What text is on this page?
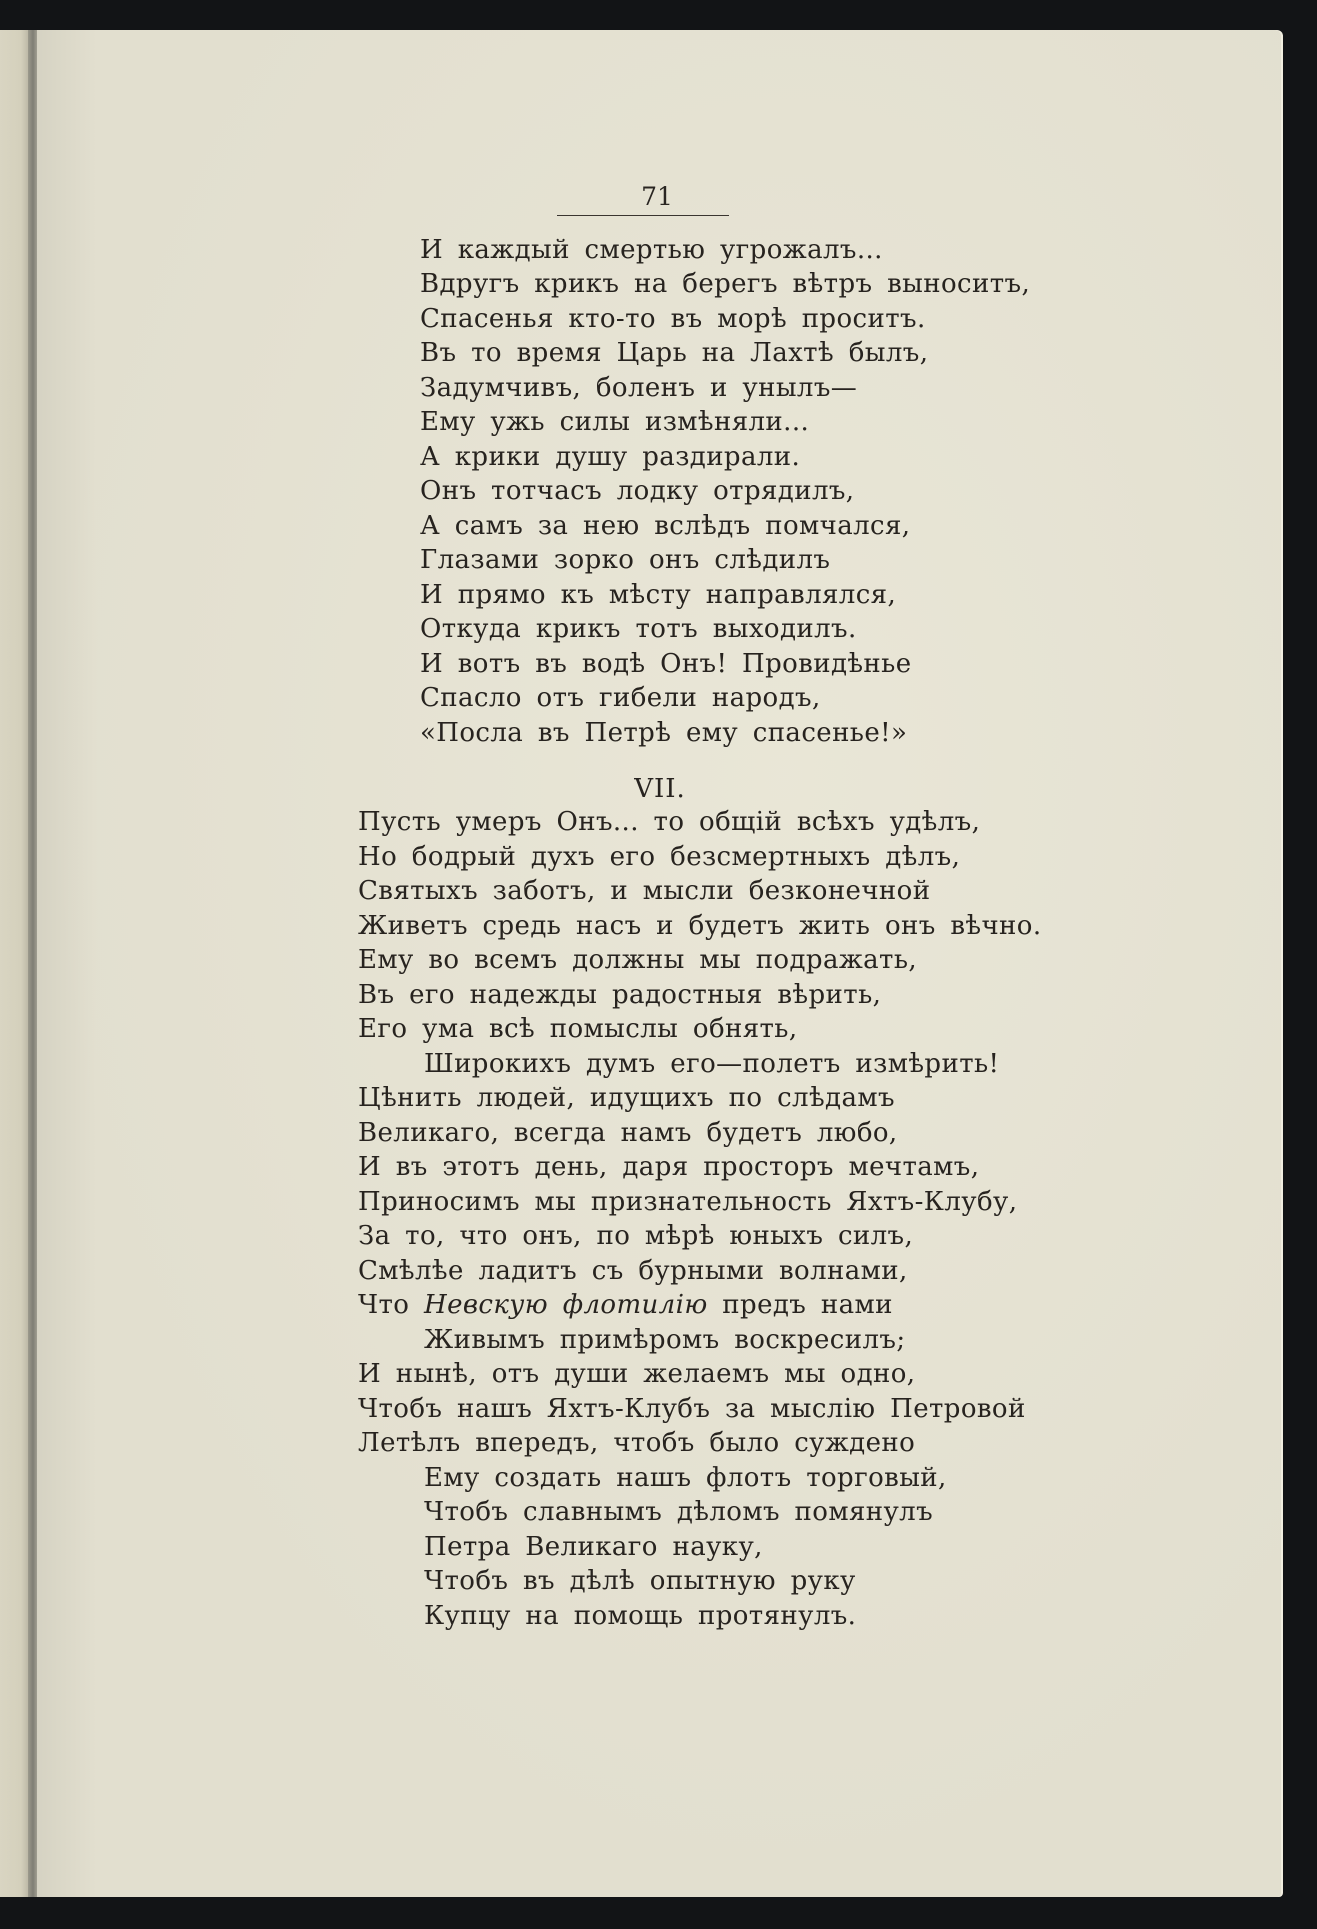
71
И каждый смертью угрожалъ...
Вдругъ крикъ на берегъ вѣтръ выноситъ,
Спасенья кто-то въ морѣ проситъ.
Въ то время Царь на Лахтѣ былъ,
Задумчивъ, боленъ и унылъ—
Ему ужь силы измѣняли...
А крики душу раздирали.
Онъ тотчасъ лодку отрядилъ,
А самъ за нею вслѣдъ помчался,
Глазами зорко онъ слѣдилъ
И прямо къ мѣсту направлялся,
Откуда крикъ тотъ выходилъ.
И вотъ въ водѣ Онъ! Провидѣнье
Спасло отъ гибели народъ,
«Посла въ Петрѣ ему спасенье!»
VII.
Пусть умеръ Онъ... то общій всѣхъ удѣлъ,
Но бодрый духъ его безсмертныхъ дѣлъ,
Святыхъ заботъ, и мысли безконечной
Живетъ средь насъ и будетъ жить онъ вѣчно.
Ему во всемъ должны мы подражать,
Въ его надежды радостныя вѣрить,
Его ума всѣ помыслы обнять,
Широкихъ думъ его—полетъ измѣрить!
Цѣнить людей, идущихъ по слѣдамъ
Великаго, всегда намъ будетъ любо,
И въ этотъ день, даря просторъ мечтамъ,
Приносимъ мы признательность Яхтъ-Клубу,
За то, что онъ, по мѣрѣ юныхъ силъ,
Смѣлѣе ладитъ съ бурными волнами,
Что Невскую флотилію предъ нами
Живымъ примѣромъ воскресилъ;
И нынѣ, отъ души желаемъ мы одно,
Чтобъ нашъ Яхтъ-Клубъ за мыслію Петровой
Летѣлъ впередъ, чтобъ было суждено
Ему создать нашъ флотъ торговый,
Чтобъ славнымъ дѣломъ помянулъ
Петра Великаго науку,
Чтобъ въ дѣлѣ опытную руку
Купцу на помощь протянулъ.
